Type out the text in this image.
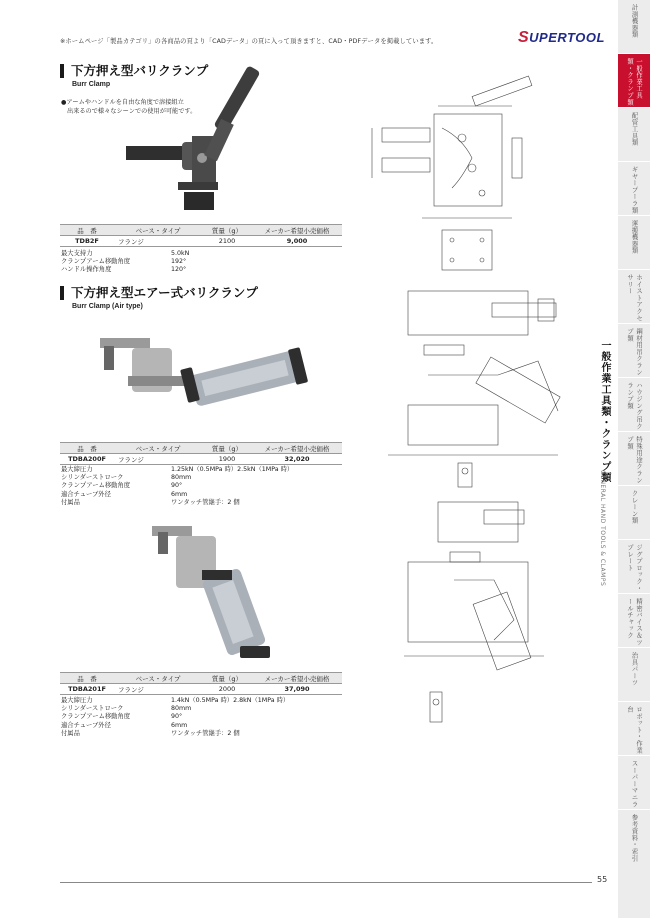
※ホームページ「製品カテゴリ」の各商品の頁より「CADデータ」の頁に入って頂きますと、CAD・PDFデータを掲載しています。	SUPERTOOL
下方押え型バリクランプ
Burr Clamp
●アームやハンドルを自由な角度で溶接組立
出来るので様々なシーンでの使用が可能です。
品　番	ベース・タイプ	質量（g）	メーカー希望小売価格
TDB2F	フランジ	2100	9,000
最大支持力	5.0kN
クランプアーム移動角度	192°
ハンドル操作角度	120°
下方押え型エアー式バリクランプ
Burr Clamp (Air type)
品　番	ベース・タイプ	質量（g）	メーカー希望小売価格
TDBA200F	フランジ	1900	32,020
最大締圧力	1.25kN（0.5MPa 時）2.5kN（1MPa 時）
シリンダーストローク	80mm
クランプアーム移動角度	90°
適合チューブ外径	6mm
付属品	ワンタッチ管継手：2 個
品　番	ベース・タイプ	質量（g）	メーカー希望小売価格
TDBA201F	フランジ	2000	37,090
最大締圧力	1.4kN（0.5MPa 時）2.8kN（1MPa 時）
シリンダーストローク	80mm
クランプアーム移動角度	90°
適合チューブ外径	6mm
付属品	ワンタッチ管継手：2 個
一般作業工具類・クランプ類
GENERAL HAND TOOLS & CLAMPS
計測機器類
一般作業工具類・クランプ類
配管工具類
ギヤープーラ類
運搬機器類
ホイストアクセサリー
鋼材用吊クランプ類
ハウジング吊クランプ類
特殊用途クランプ類
クレーン類
ジグプロック・プレート
精密バイス＆ツールチャック
治具パーツ
ロボット・作業台
スーパーマニラ
参考資料・索引
55
